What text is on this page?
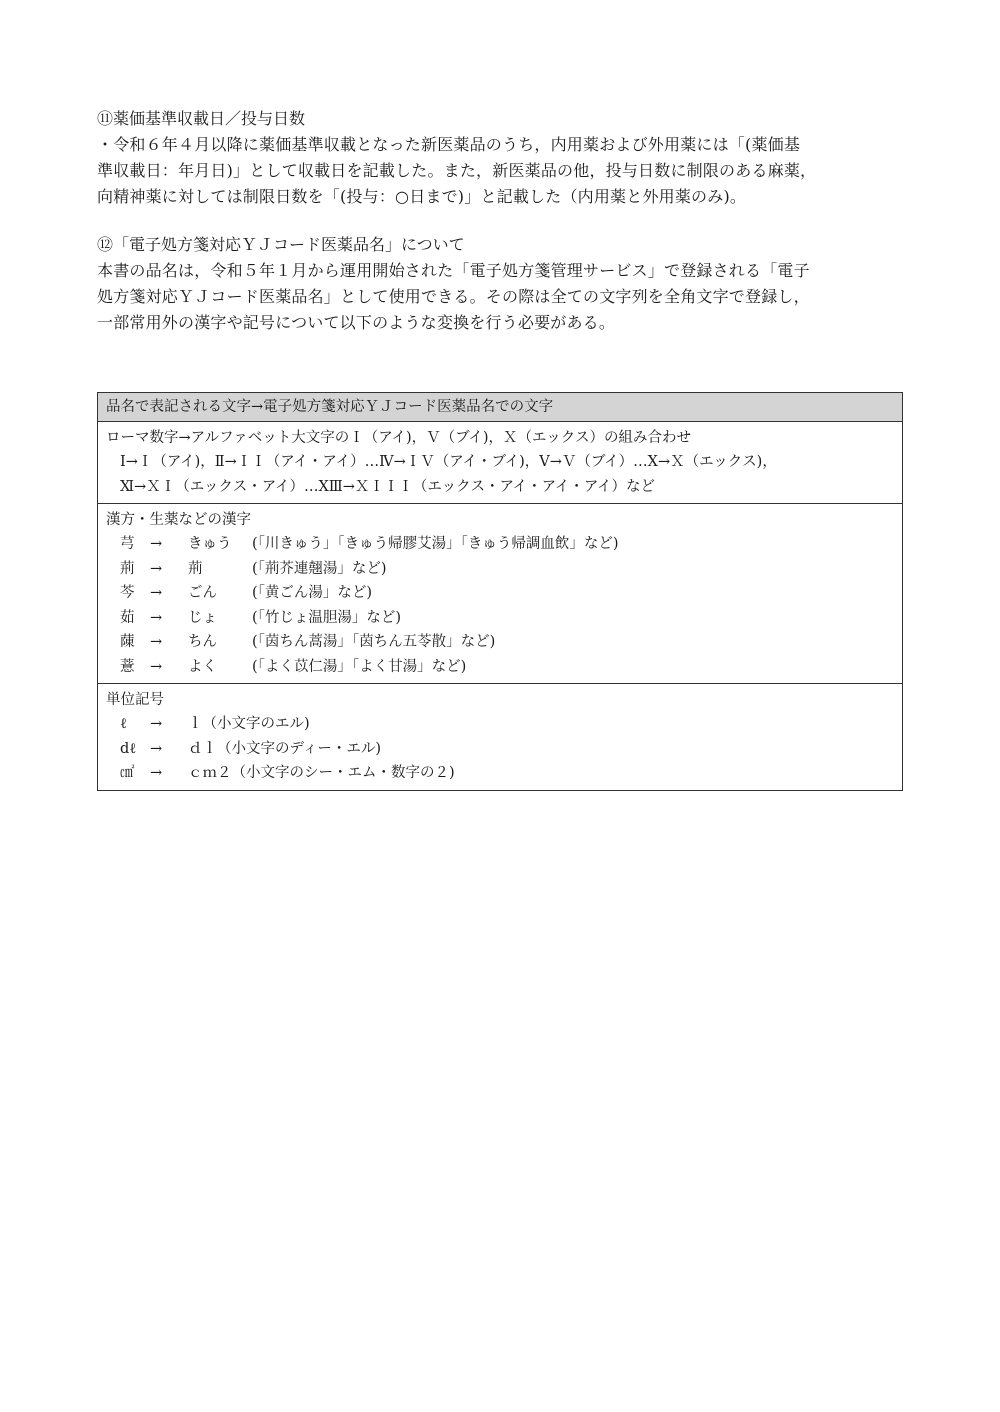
⑪薬価基準収載日／投与日数

・令和６年４月以降に薬価基準収載となった新医薬品のうち，内用薬および外用薬には「(薬価基
準収載日：年月日)」として収載日を記載した。また，新医薬品の他，投与日数に制限のある麻薬，
向精神薬に対しては制限日数を「(投与：○日まで)」と記載した（内用薬と外用薬のみ)。

⑫「電子処方箋対応ＹＪコード医薬品名」について

本書の品名は，令和５年１月から運用開始された「電子処方箋管理サービス」で登録される「電子
処方箋対応ＹＪコード医薬品名」として使用できる。その際は全ての文字列を全角文字で登録し，
一部常用外の漢字や記号について以下のような変換を行う必要がある。

品名で表記される文字→電子処方箋対応ＹＪコード医薬品名での文字
ローマ数字→アルファベット大文字のＩ（アイ)，Ｖ（ブイ)，Ｘ（エックス）の組み合わせ
Ⅰ→Ｉ（アイ)，Ⅱ→ＩＩ（アイ・アイ）…Ⅳ→ＩＶ（アイ・ブイ)，Ⅴ→Ｖ（ブイ）…Ⅹ→Ｘ（エックス)，
Ⅺ→ＸＩ（エックス・アイ）…ⅩⅢ→ＸＩＩＩ（エックス・アイ・アイ・アイ）など
漢方・生薬などの漢字
芎	→	きゅう	(「川きゅう」「きゅう帰膠艾湯」「きゅう帰調血飲」など)
荊	→	荊	(「荊芥連翹湯」など)
芩	→	ごん	(「黄ごん湯」など)
茹	→	じょ	(「竹じょ温胆湯」など)
蔯	→	ちん	(「茵ちん蒿湯」「茵ちん五苓散」など)
薏	→	よく	(「よく苡仁湯」「よく甘湯」など)
単位記号
ℓ → ｌ（小文字のエル)
dℓ → ｄｌ（小文字のディー・エル)
㎠ → ｃｍ２（小文字のシー・エム・数字の２)
